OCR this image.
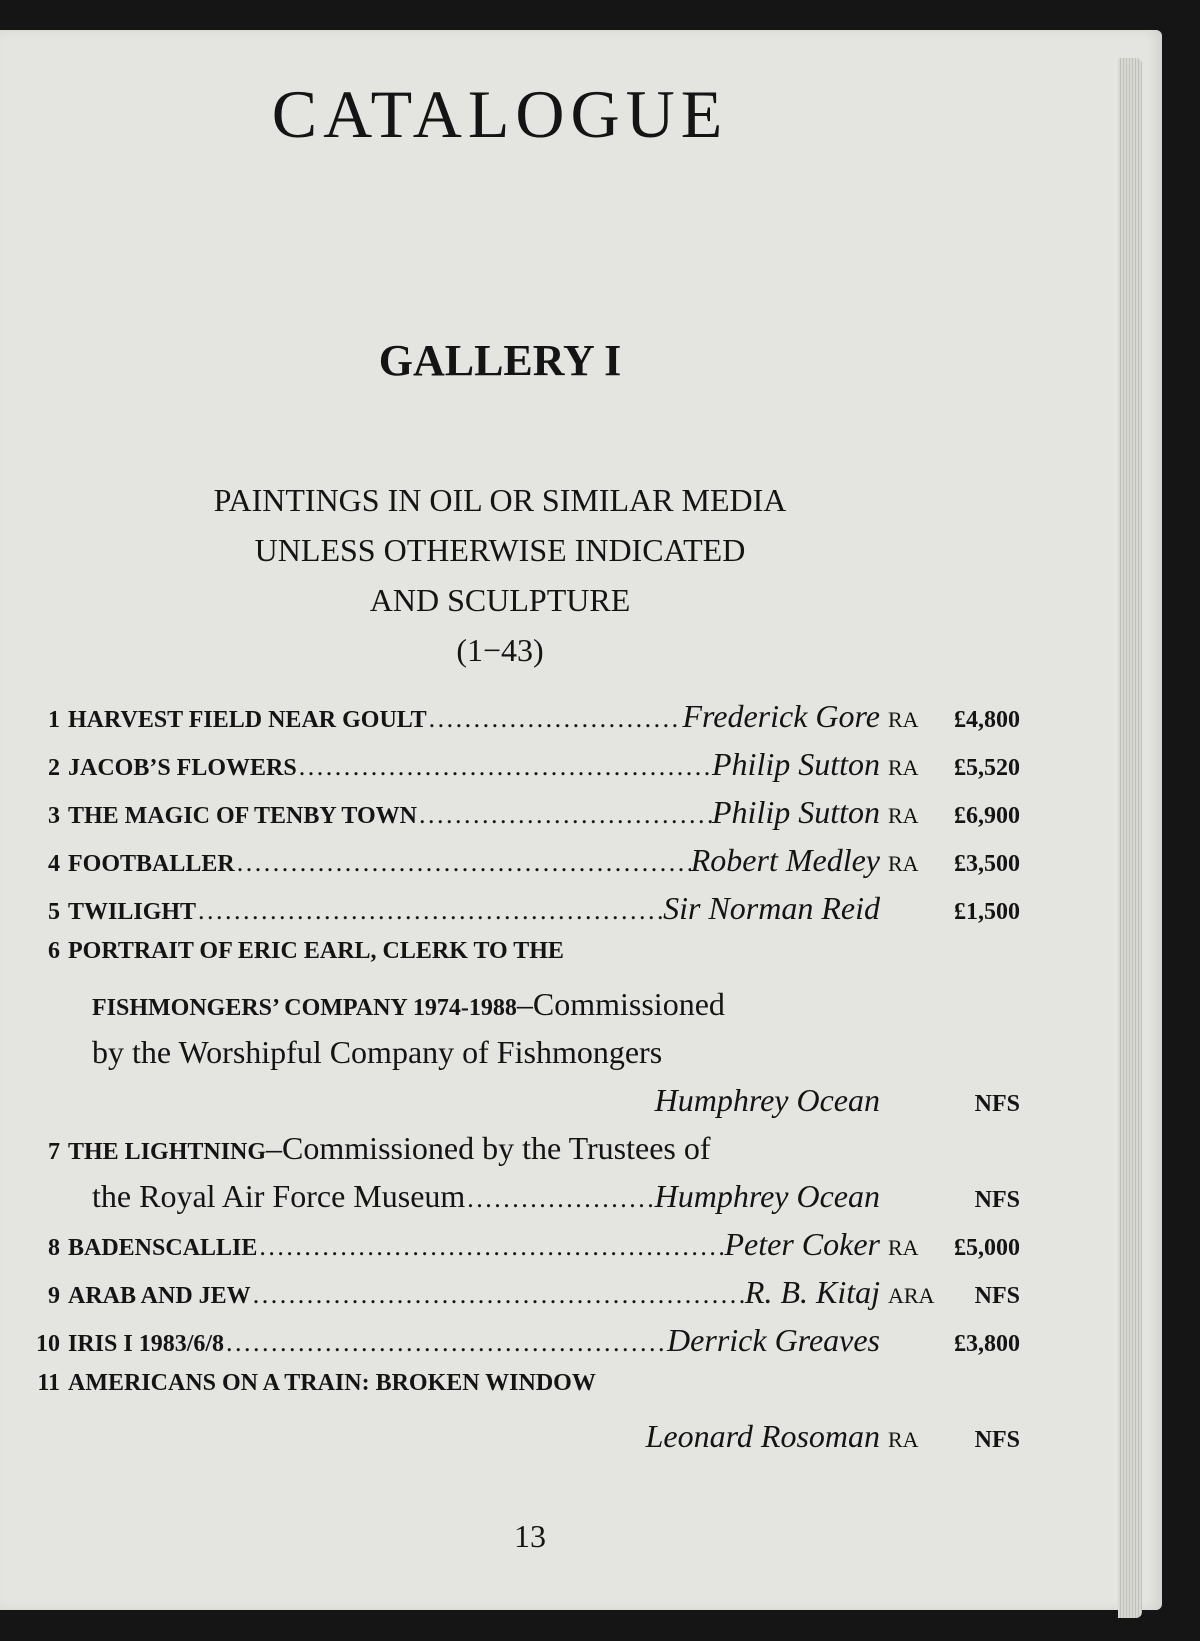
CATALOGUE
GALLERY I
PAINTINGS IN OIL OR SIMILAR MEDIA
UNLESS OTHERWISE INDICATED
AND SCULPTURE
(1−43)
1 HARVEST FIELD NEAR GOULT . . .	Frederick Gore RA	£4,800
2 JACOB’S FLOWERS . . .	Philip Sutton RA	£5,520
3 THE MAGIC OF TENBY TOWN . . .	Philip Sutton RA	£6,900
4 FOOTBALLER . . .	Robert Medley RA	£3,500
5 TWILIGHT . . .	Sir Norman Reid	£1,500
6 PORTRAIT OF ERIC EARL, CLERK TO THE
FISHMONGERS’ COMPANY 1974-1988 –Commissioned
by the Worshipful Company of Fishmongers
Humphrey Ocean	NFS
7 THE LIGHTNING –Commissioned by the Trustees of
the Royal Air Force Museum . . .	Humphrey Ocean	NFS
8 BADENSCALLIE . . .	Peter Coker RA	£5,000
9 ARAB AND JEW . . .	R. B. Kitaj ARA	NFS
10 IRIS I 1983/6/8 . . .	Derrick Greaves	£3,800
11 AMERICANS ON A TRAIN: BROKEN WINDOW
Leonard Rosoman RA	NFS
13
